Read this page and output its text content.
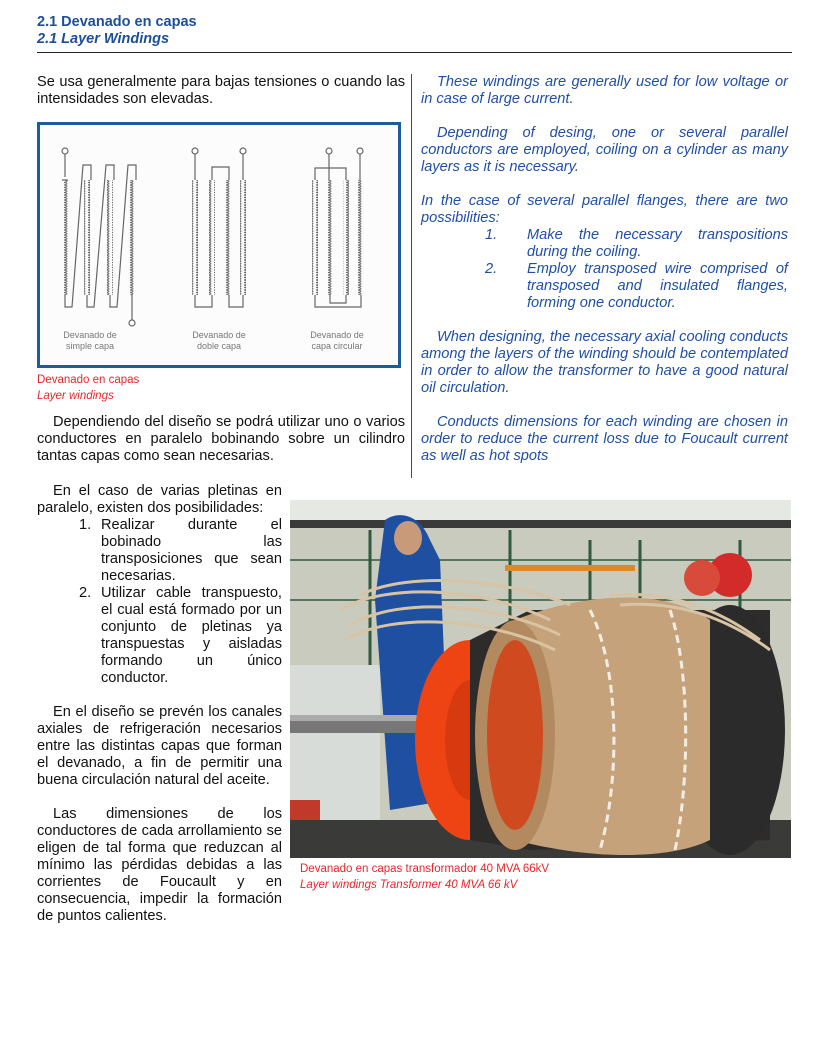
2.1 Devanado en capas
2.1 Layer Windings

Se usa generalmente para bajas tensiones o cuando las intensidades son elevadas.

Devanado de
simple capa
Devanado de
doble capa
Devanado de
capa circular
Devanado en capas
Layer windings

Dependiendo del diseño se podrá utilizar uno o varios conductores en paralelo bobinando sobre un cilindro tantas capas como sean necesarias.

En el caso de varias pletinas en paralelo, existen dos posibilidades:

1. Realizar durante el bobinado las transposiciones que sean necesarias.
2. Utilizar cable transpuesto, el cual está formado por un conjunto de pletinas ya transpuestas y aisladas formando un único conductor.

En el diseño se prevén los canales axiales de refrigeración necesarios entre las distintas capas que forman el devanado, a fin de permitir una buena circulación natural del aceite.

Las dimensiones de los conductores de cada arrollamiento se eligen de tal forma que reduzcan al mínimo las pérdidas debidas a las corrientes de Foucault y en consecuencia, impedir la formación de puntos calientes.

These windings are generally used for low voltage or in case of large current.

Depending of desing, one or several parallel conductors are employed, coiling on a cylinder as many layers as it is necessary.

In the case of several parallel flanges, there are two possibilities:

1.	Make the necessary transpositions during the coiling.
2.	Employ transposed wire comprised of transposed and insulated flanges, forming one conductor.

When designing, the necessary axial cooling conducts among the layers of the winding should be contemplated in order to allow the transformer to have a good natural oil circulation.

Conducts dimensions for each winding are chosen in order to reduce the current loss due to Foucault current as well as hot spots

Devanado en capas transformador 40 MVA 66kV
Layer windings Transformer 40 MVA 66 kV
